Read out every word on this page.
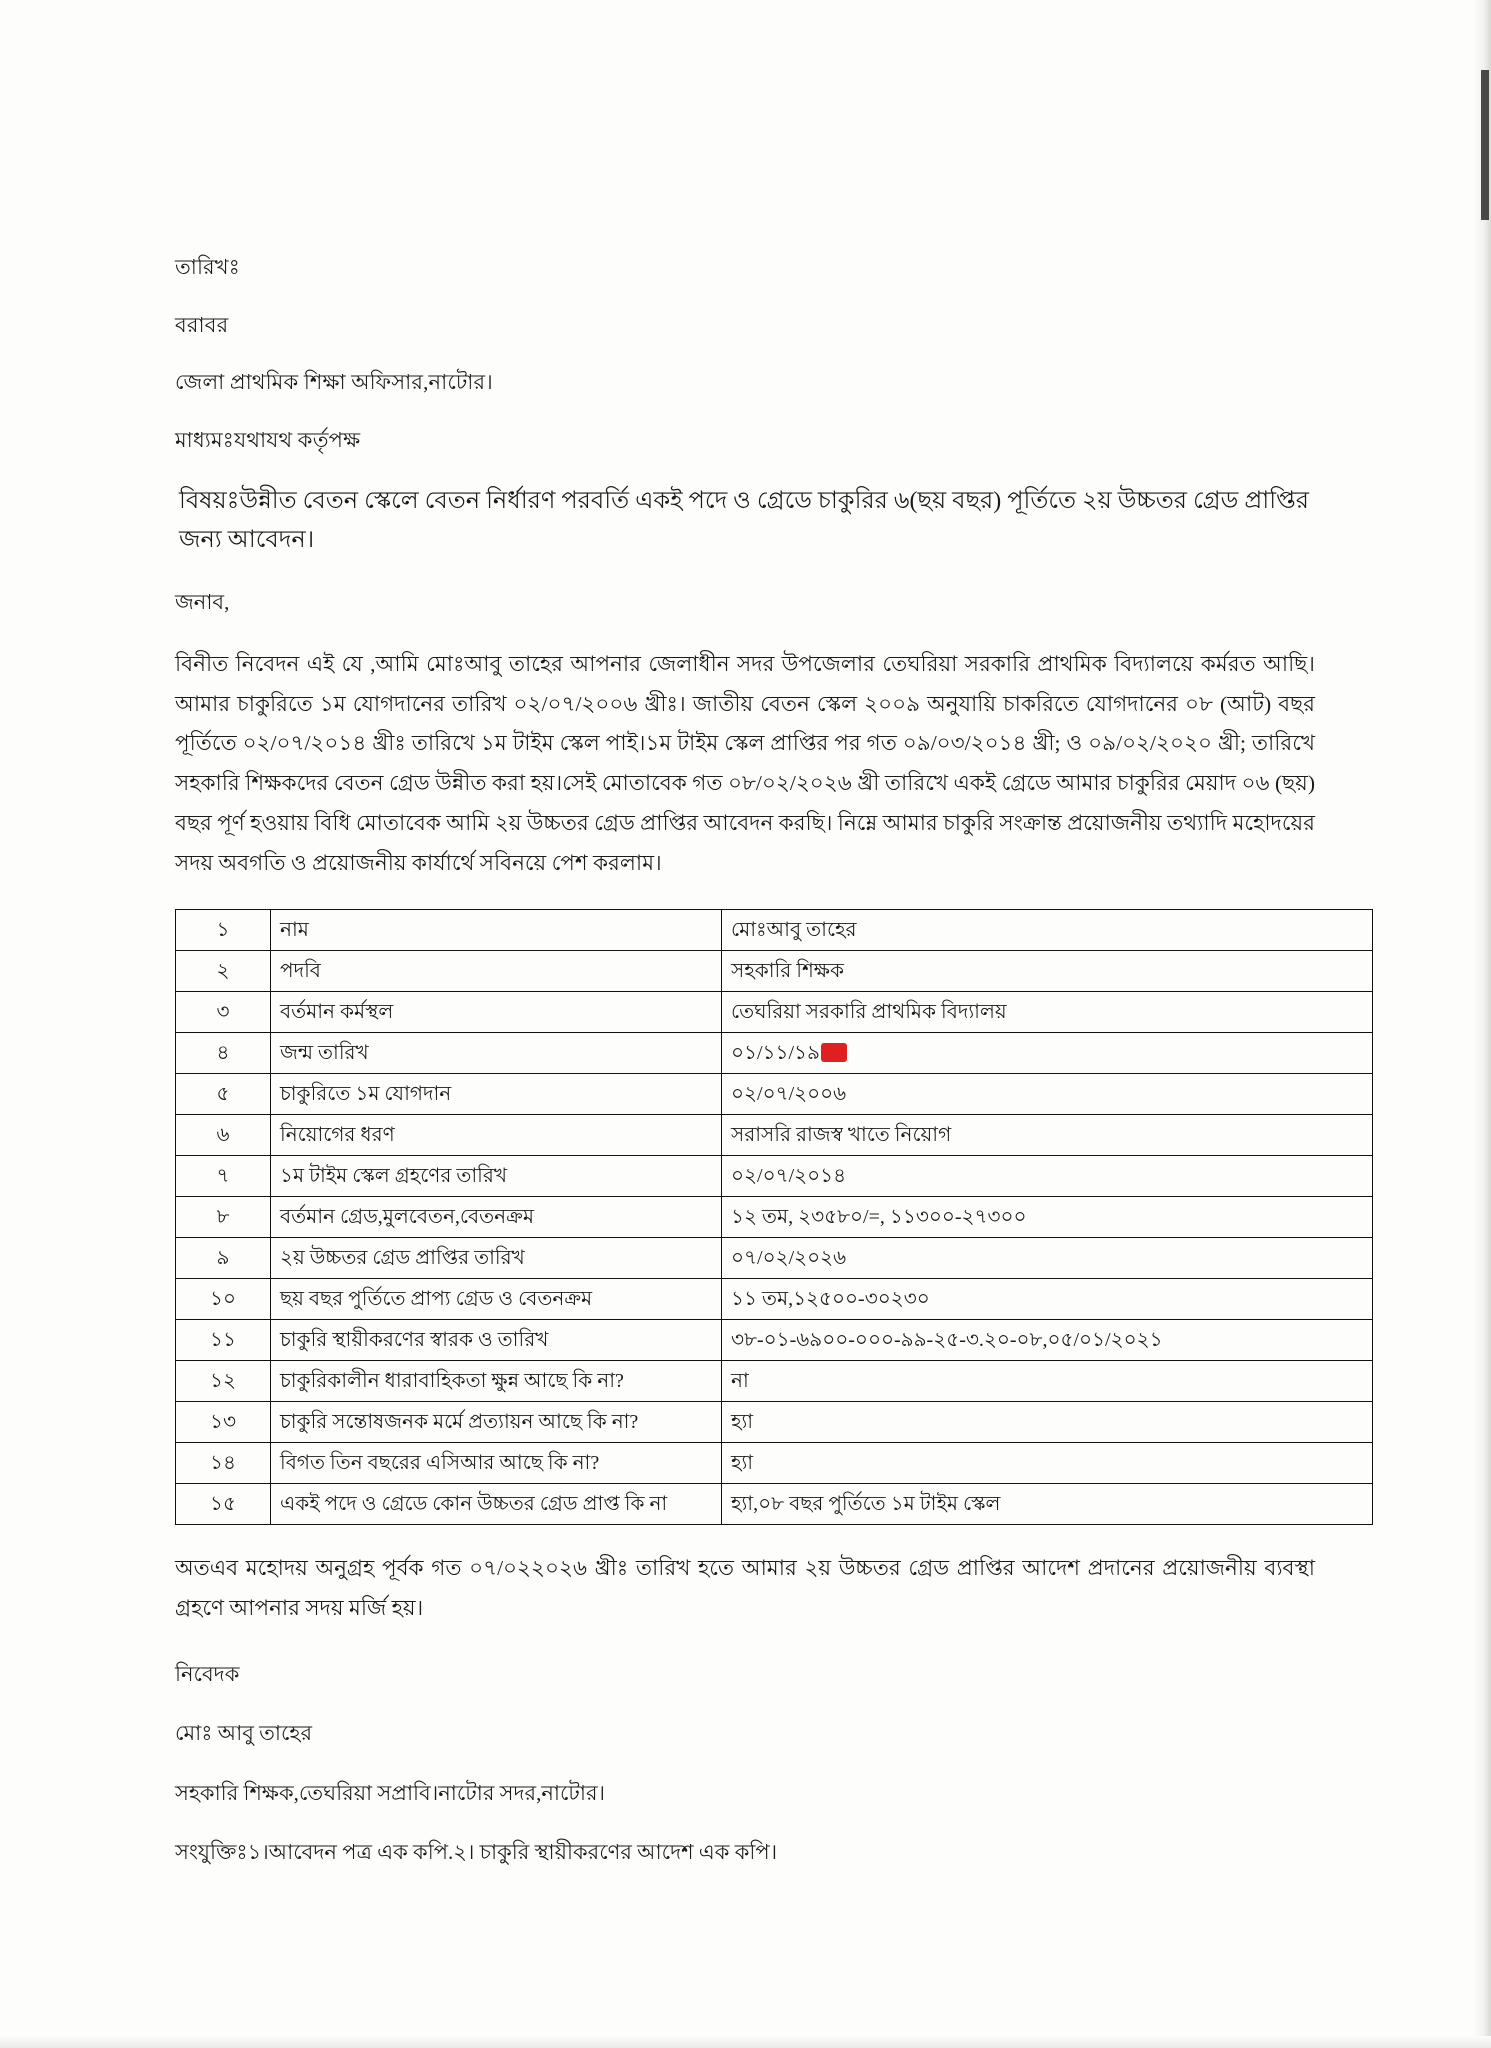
তারিখঃ

বরাবর

জেলা প্রাথমিক শিক্ষা অফিসার,নাটোর।

মাধ্যমঃযথাযথ কর্তৃপক্ষ

বিষয়ঃউন্নীত বেতন স্কেলে বেতন নির্ধারণ পরবর্তি একই পদে ও গ্রেডে চাকুরির ৬(ছয় বছর) পূর্তিতে ২য় উচ্চতর গ্রেড প্রাপ্তির জন্য আবেদন।

জনাব,

বিনীত নিবেদন এই যে ,আমি মোঃআবু তাহের আপনার জেলাধীন সদর উপজেলার তেঘরিয়া সরকারি প্রাথমিক বিদ্যালয়ে কর্মরত আছি।আমার চাকুরিতে ১ম যোগদানের তারিখ ০২/০৭/২০০৬ খ্রীঃ। জাতীয় বেতন স্কেল ২০০৯ অনুযায়ি চাকরিতে যোগদানের ০৮ (আট) বছর পূর্তিতে ০২/০৭/২০১৪ খ্রীঃ তারিখে ১ম টাইম স্কেল পাই।১ম টাইম স্কেল প্রাপ্তির পর গত ০৯/০৩/২০১৪ খ্রী; ও ০৯/০২/২০২০ খ্রী; তারিখে সহকারি শিক্ষকদের বেতন গ্রেড উন্নীত করা হয়।সেই মোতাবেক গত ০৮/০২/২০২৬ খ্রী তারিখে একই গ্রেডে আমার চাকুরির মেয়াদ ০৬ (ছয়) বছর পূর্ণ হওয়ায় বিধি মোতাবেক আমি ২য় উচ্চতর গ্রেড প্রাপ্তির আবেদন করছি। নিম্নে আমার চাকুরি সংক্রান্ত প্রয়োজনীয় তথ্যাদি মহোদয়ের সদয় অবগতি ও প্রয়োজনীয় কার্যার্থে সবিনয়ে পেশ করলাম।

১	নাম	মোঃআবু তাহের
২	পদবি	সহকারি শিক্ষক
৩	বর্তমান কর্মস্থল	তেঘরিয়া সরকারি প্রাথমিক বিদ্যালয়
৪	জন্ম তারিখ	০১/১১/১৯
৫	চাকুরিতে ১ম যোগদান	০২/০৭/২০০৬
৬	নিয়োগের ধরণ	সরাসরি রাজস্ব খাতে নিয়োগ
৭	১ম টাইম স্কেল গ্রহণের তারিখ	০২/০৭/২০১৪
৮	বর্তমান গ্রেড,মুলবেতন,বেতনক্রম	১২ তম, ২৩৫৮০/=, ১১৩০০-২৭৩০০
৯	২য় উচ্চতর গ্রেড প্রাপ্তির তারিখ	০৭/০২/২০২৬
১০	ছয় বছর পুর্তিতে প্রাপ্য গ্রেড ও বেতনক্রম	১১ তম,১২৫০০-৩০২৩০
১১	চাকুরি স্থায়ীকরণের স্বারক ও তারিখ	৩৮-০১-৬৯০০-০০০-৯৯-২৫-৩.২০-০৮,০৫/০১/২০২১
১২	চাকুরিকালীন ধারাবাহিকতা ক্ষুন্ন আছে কি না?	না
১৩	চাকুরি সন্তোষজনক মর্মে প্রত্যায়ন আছে কি না?	হ্যা
১৪	বিগত তিন বছরের এসিআর আছে কি না?	হ্যা
১৫	একই পদে ও গ্রেডে কোন উচ্চতর গ্রেড প্রাপ্ত কি না	হ্যা,০৮ বছর পুর্তিতে ১ম টাইম স্কেল

অতএব মহোদয় অনুগ্রহ পূর্বক গত ০৭/০২২০২৬ খ্রীঃ তারিখ হতে আমার ২য় উচ্চতর গ্রেড প্রাপ্তির আদেশ প্রদানের প্রয়োজনীয় ব্যবস্থা গ্রহণে আপনার সদয় মর্জি হয়।

নিবেদক

মোঃ আবু তাহের

সহকারি শিক্ষক,তেঘরিয়া সপ্রাবি।নাটোর সদর,নাটোর।

সংযুক্তিঃ১।আবেদন পত্র এক কপি.২। চাকুরি স্থায়ীকরণের আদেশ এক কপি।
